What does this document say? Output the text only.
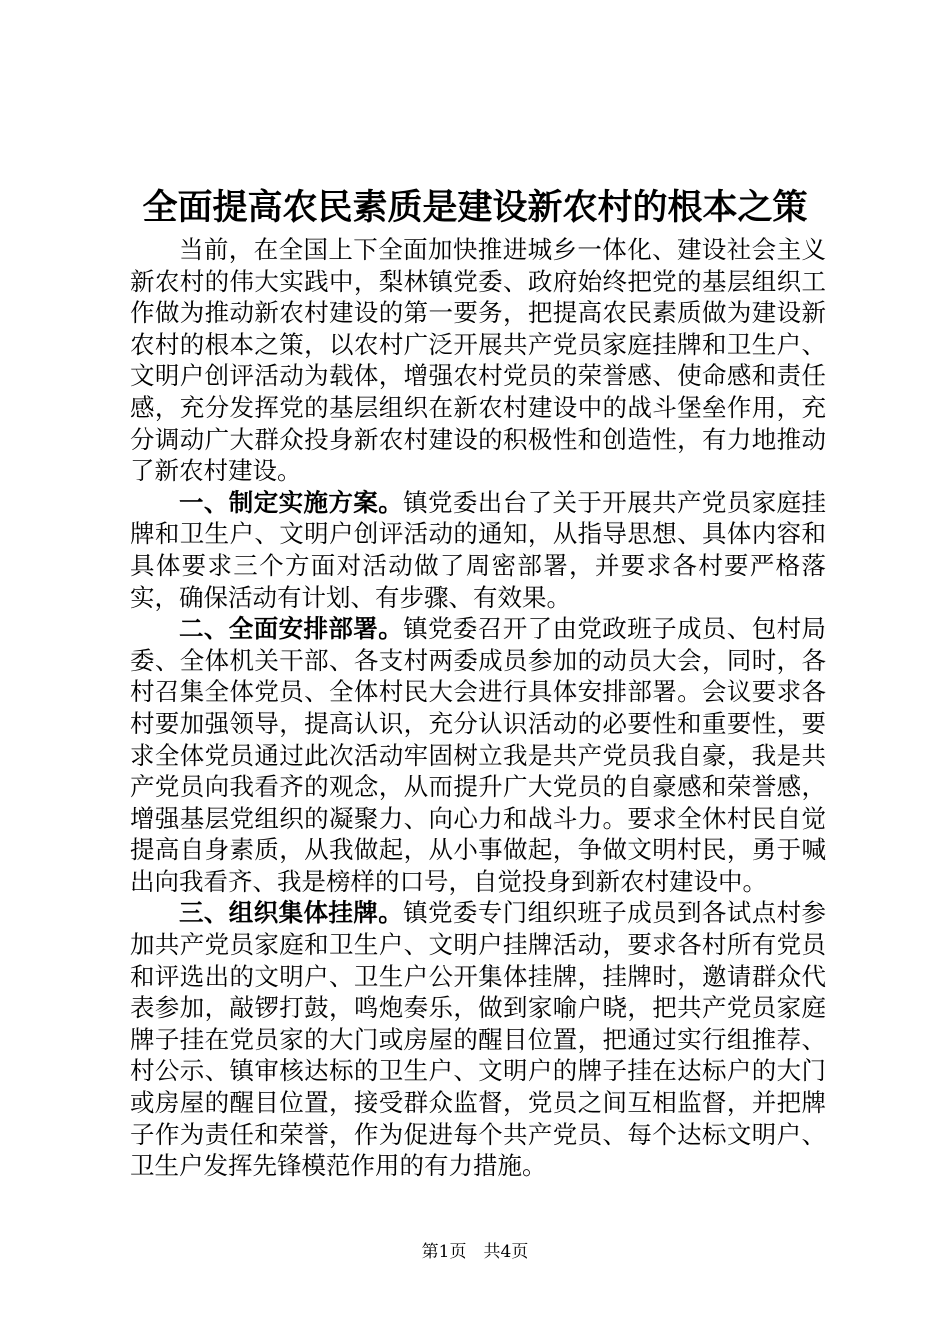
全面提高农民素质是建设新农村的根本之策

当前，在全国上下全面加快推进城乡一体化、建设社会主义新农村的伟大实践中，梨林镇党委、政府始终把党的基层组织工作做为推动新农村建设的第一要务，把提高农民素质做为建设新农村的根本之策，以农村广泛开展共产党员家庭挂牌和卫生户、文明户创评活动为载体，增强农村党员的荣誉感、使命感和责任感，充分发挥党的基层组织在新农村建设中的战斗堡垒作用，充分调动广大群众投身新农村建设的积极性和创造性，有力地推动了新农村建设。

一、制定实施方案。镇党委出台了关于开展共产党员家庭挂牌和卫生户、文明户创评活动的通知，从指导思想、具体内容和具体要求三个方面对活动做了周密部署，并要求各村要严格落实，确保活动有计划、有步骤、有效果。

二、全面安排部署。镇党委召开了由党政班子成员、包村局委、全体机关干部、各支村两委成员参加的动员大会，同时，各村召集全体党员、全体村民大会进行具体安排部署。会议要求各村要加强领导，提高认识，充分认识活动的必要性和重要性，要求全体党员通过此次活动牢固树立我是共产党员我自豪，我是共产党员向我看齐的观念，从而提升广大党员的自豪感和荣誉感，增强基层党组织的凝聚力、向心力和战斗力。要求全休村民自觉提高自身素质，从我做起，从小事做起，争做文明村民，勇于喊出向我看齐、我是榜样的口号，自觉投身到新农村建设中。

三、组织集体挂牌。镇党委专门组织班子成员到各试点村参加共产党员家庭和卫生户、文明户挂牌活动，要求各村所有党员和评选出的文明户、卫生户公开集体挂牌，挂牌时，邀请群众代表参加，敲锣打鼓，鸣炮奏乐，做到家喻户晓，把共产党员家庭牌子挂在党员家的大门或房屋的醒目位置，把通过实行组推荐、村公示、镇审核达标的卫生户、文明户的牌子挂在达标户的大门或房屋的醒目位置，接受群众监督，党员之间互相监督，并把牌子作为责任和荣誉，作为促进每个共产党员、每个达标文明户、卫生户发挥先锋模范作用的有力措施。

第1页  共4页
